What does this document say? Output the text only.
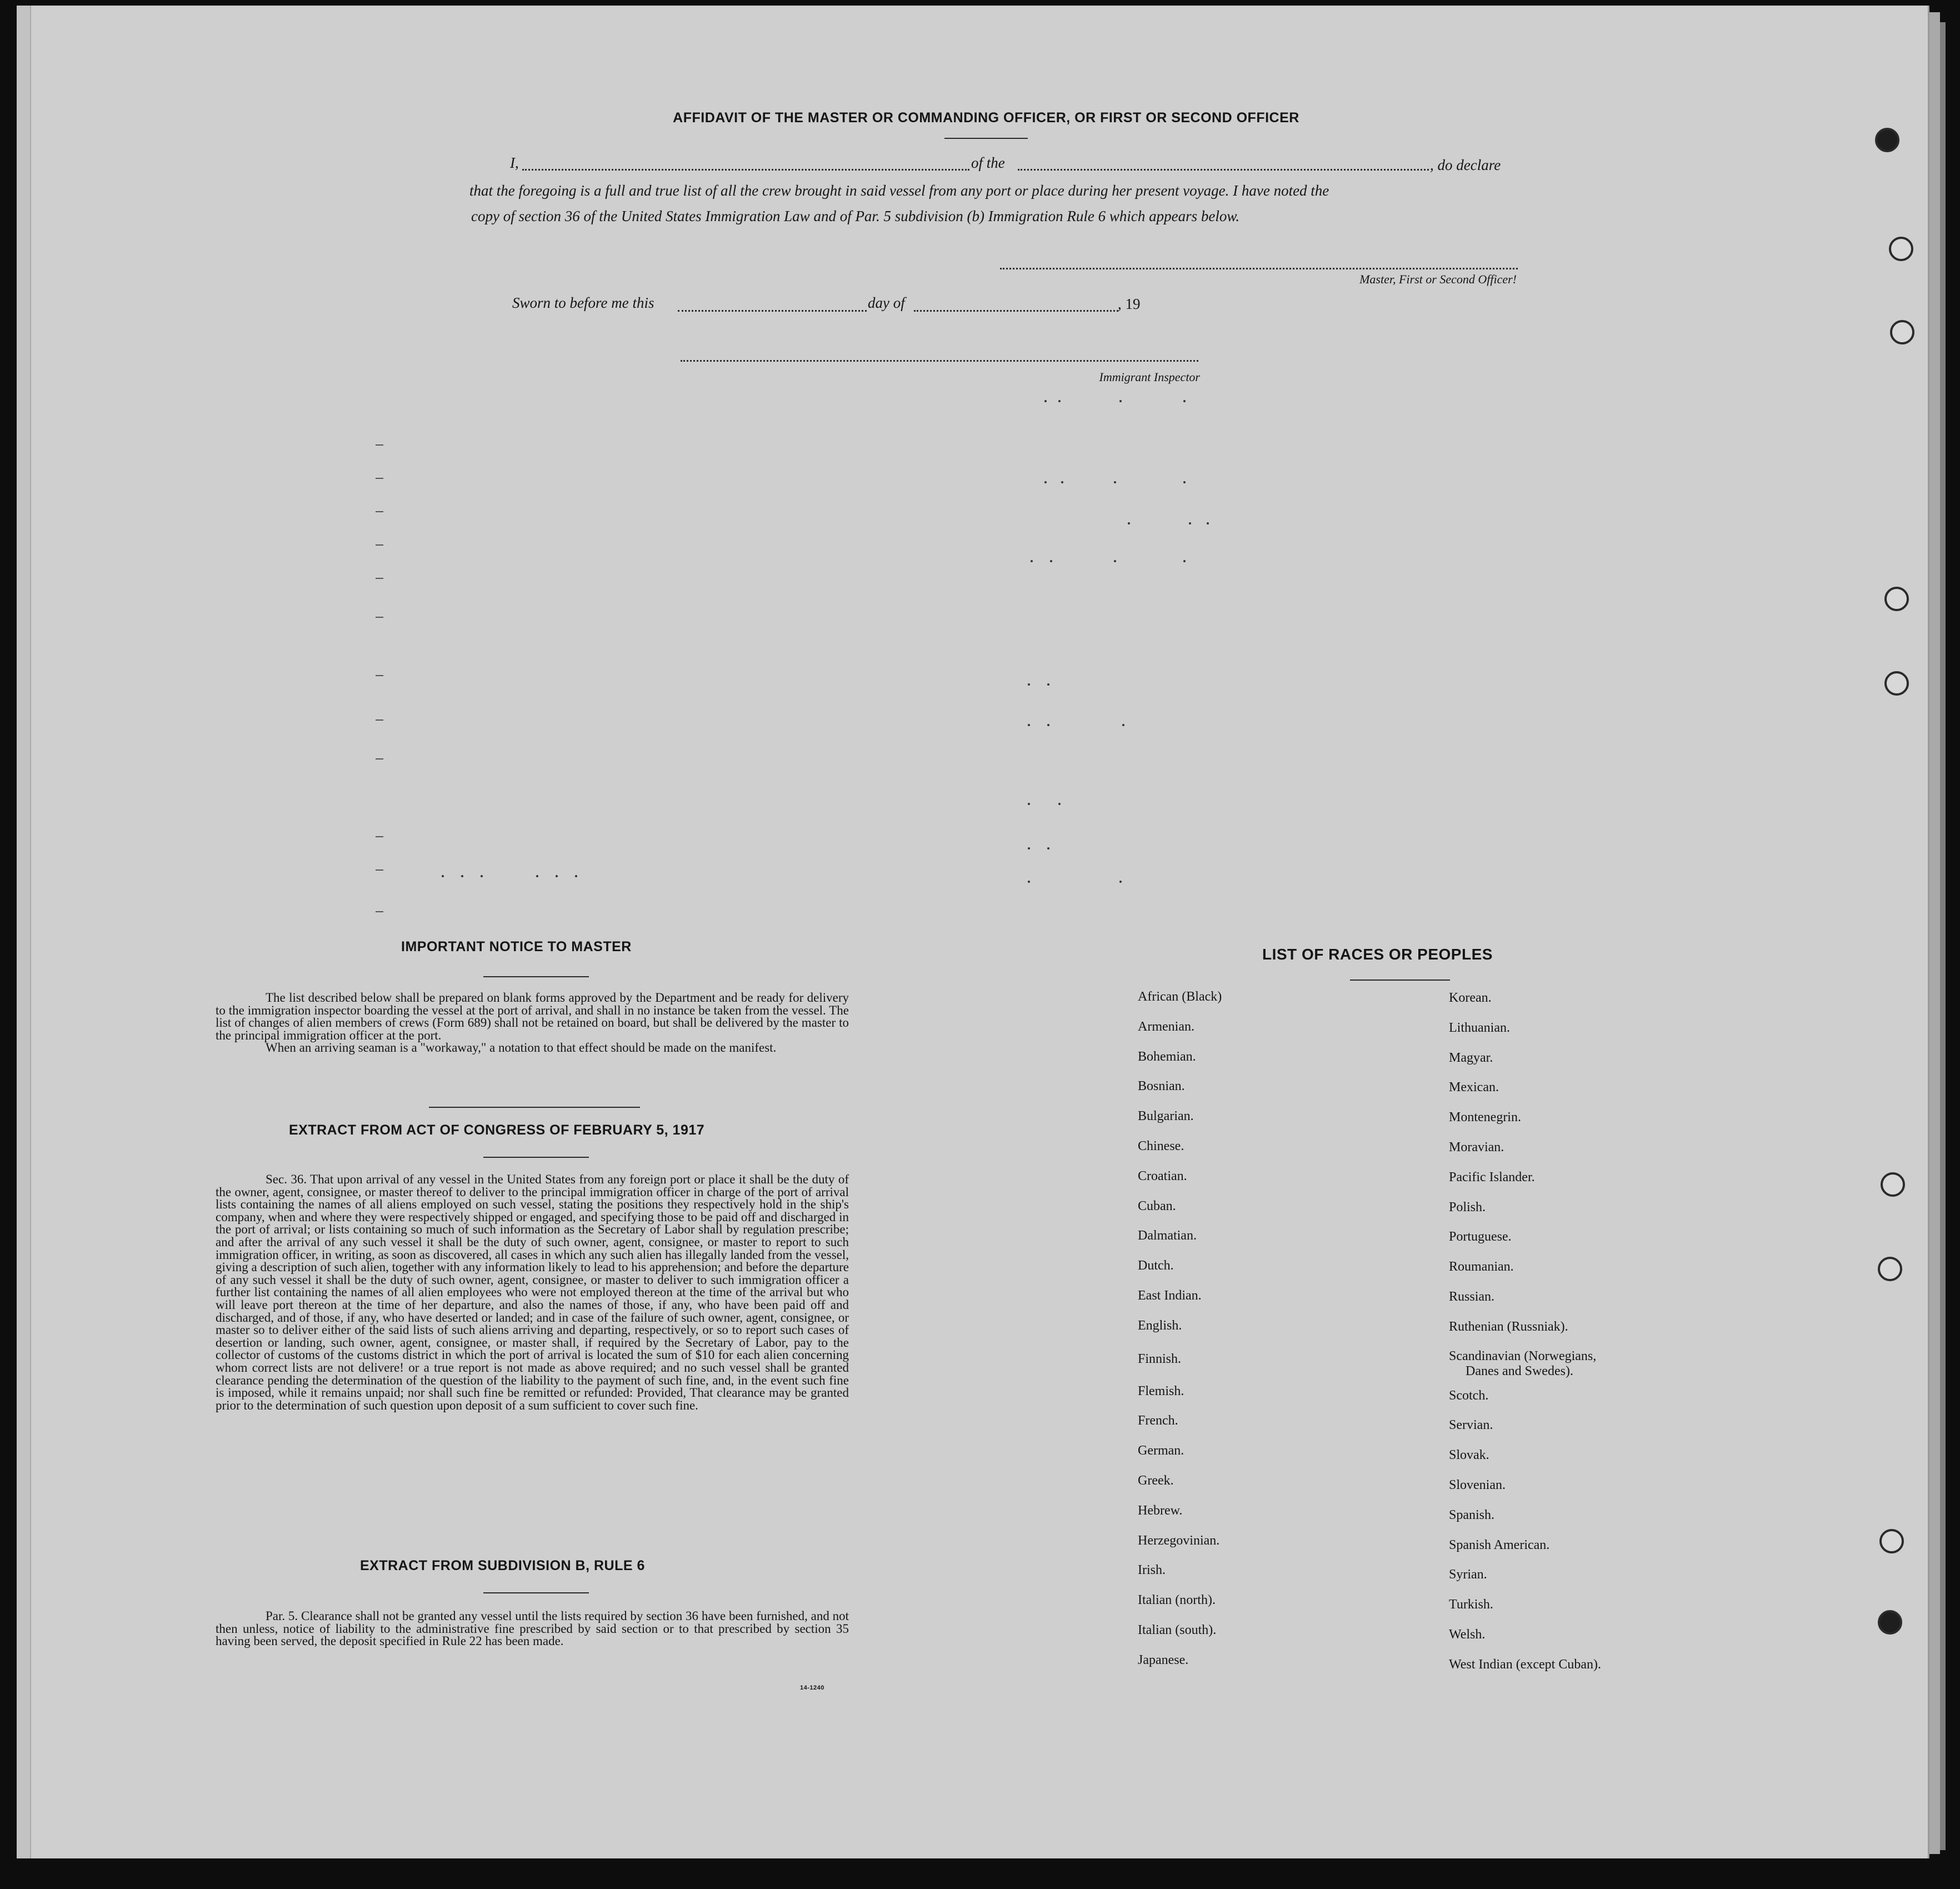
AFFIDAVIT OF THE MASTER OR COMMANDING OFFICER, OR FIRST OR SECOND OFFICER
I,	of the	, do declare
that the foregoing is a full and true list of all the crew brought in said vessel from any port or place during her present voyage. I have noted the
copy of section 36 of the United States Immigration Law and of Par. 5 subdivision (b) Immigration Rule 6 which appears below.
Master, First or Second Officer!
Sworn to before me this	day of	, 19
Immigrant Inspector
IMPORTANT NOTICE TO MASTER

The list described below shall be prepared on blank forms approved by the Department and be ready for delivery to the immigration inspector boarding the vessel at the port of arrival, and shall in no instance be taken from the vessel. The list of changes of alien members of crews (Form 689) shall not be retained on board, but shall be delivered by the master to the principal immigration officer at the port.

When an arriving seaman is a "workaway," a notation to that effect should be made on the manifest.

EXTRACT FROM ACT OF CONGRESS OF FEBRUARY 5, 1917

Sec. 36. That upon arrival of any vessel in the United States from any foreign port or place it shall be the duty of the owner, agent, consignee, or master thereof to deliver to the principal immigration officer in charge of the port of arrival lists containing the names of all aliens employed on such vessel, stating the positions they respectively hold in the ship's company, when and where they were respectively shipped or engaged, and specifying those to be paid off and discharged in the port of arrival; or lists containing so much of such information as the Secretary of Labor shall by regulation prescribe; and after the arrival of any such vessel it shall be the duty of such owner, agent, consignee, or master to report to such immigration officer, in writing, as soon as discovered, all cases in which any such alien has illegally landed from the vessel, giving a description of such alien, together with any information likely to lead to his apprehension; and before the departure of any such vessel it shall be the duty of such owner, agent, consignee, or master to deliver to such immigration officer a further list containing the names of all alien employees who were not employed thereon at the time of the arrival but who will leave port thereon at the time of her departure, and also the names of those, if any, who have been paid off and discharged, and of those, if any, who have deserted or landed; and in case of the failure of such owner, agent, consignee, or master so to deliver either of the said lists of such aliens arriving and departing, respectively, or so to report such cases of desertion or landing, such owner, agent, consignee, or master shall, if required by the Secretary of Labor, pay to the collector of customs of the customs district in which the port of arrival is located the sum of $10 for each alien concerning whom correct lists are not delivere! or a true report is not made as above required; and no such vessel shall be granted clearance pending the determination of the question of the liability to the payment of such fine, and, in the event such fine is imposed, while it remains unpaid; nor shall such fine be remitted or refunded: Provided, That clearance may be granted prior to the determination of such question upon deposit of a sum sufficient to cover such fine.

EXTRACT FROM SUBDIVISION B, RULE 6

Par. 5. Clearance shall not be granted any vessel until the lists required by section 36 have been furnished, and not then unless, notice of liability to the administrative fine prescribed by said section or to that prescribed by section 35 having been served, the deposit specified in Rule 22 has been made.

14-1240
LIST OF RACES OR PEOPLES
African (Black)
Armenian.
Bohemian.
Bosnian.
Bulgarian.
Chinese.
Croatian.
Cuban.
Dalmatian.
Dutch.
East Indian.
English.
Finnish.
Flemish.
French.
German.
Greek.
Hebrew.
Herzegovinian.
Irish.
Italian (north).
Italian (south).
Japanese.
Korean.
Lithuanian.
Magyar.
Mexican.
Montenegrin.
Moravian.
Pacific Islander.
Polish.
Portuguese.
Roumanian.
Russian.
Ruthenian (Russniak).
Scandinavian (Norwegians,
Danes and Swedes).
Scotch.
Servian.
Slovak.
Slovenian.
Spanish.
Spanish American.
Syrian.
Turkish.
Welsh.
West Indian (except Cuban).
